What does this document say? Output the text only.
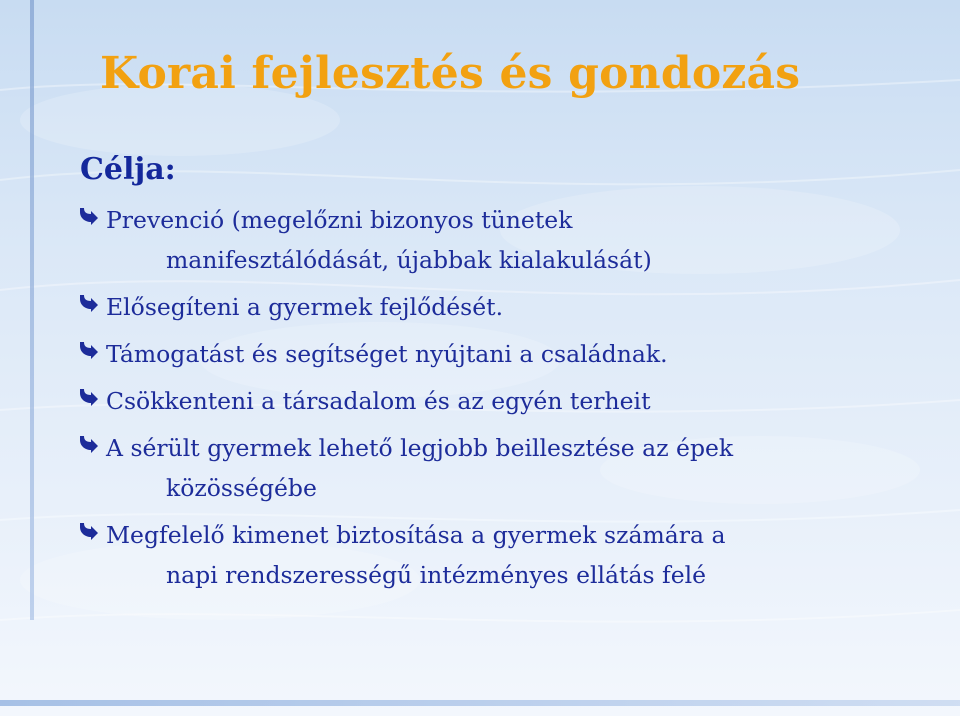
Korai fejlesztés és gondozás
Célja:
Prevenció (megelőzni bizonyos tünetek
manifesztálódását, újabbak kialakulását)
Elősegíteni a gyermek fejlődését.
Támogatást és segítséget nyújtani a családnak.
Csökkenteni a társadalom és az egyén terheit
A sérült gyermek lehető legjobb beillesztése az épek
közösségébe
Megfelelő kimenet biztosítása a gyermek számára a
napi rendszerességű intézményes ellátás felé
